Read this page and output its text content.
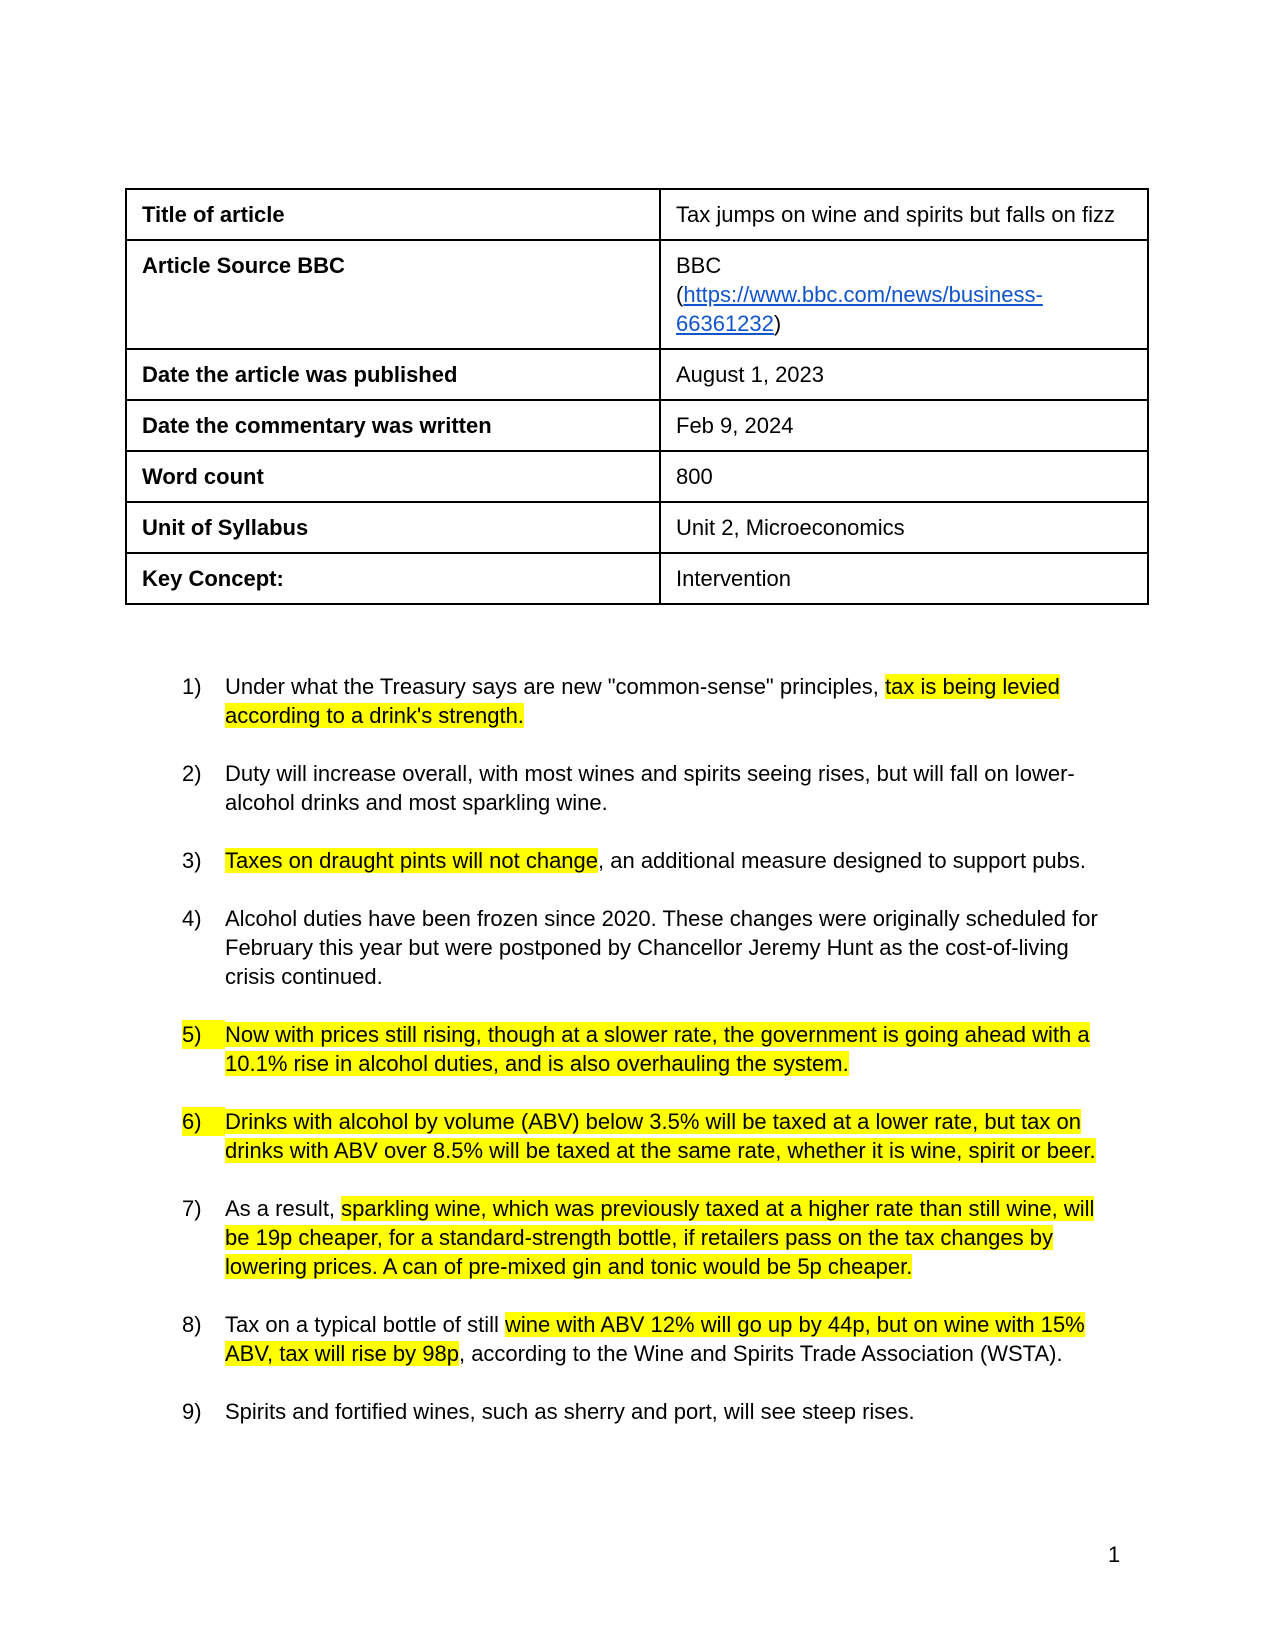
Title of article	Tax jumps on wine and spirits but falls on fizz
Article Source BBC	BBC
(https://www.bbc.com/news/business-66361232)
Date the article was published	August 1, 2023
Date the commentary was written	Feb 9, 2024
Word count	800
Unit of Syllabus	Unit 2, Microeconomics
Key Concept:	Intervention
1)	Under what the Treasury says are new "common-sense" principles, tax is being levied according to a drink's strength.
2)	Duty will increase overall, with most wines and spirits seeing rises, but will fall on lower-alcohol drinks and most sparkling wine.
3)	Taxes on draught pints will not change, an additional measure designed to support pubs.
4)	Alcohol duties have been frozen since 2020. These changes were originally scheduled for February this year but were postponed by Chancellor Jeremy Hunt as the cost-of-living crisis continued.
5)	Now with prices still rising, though at a slower rate, the government is going ahead with a 10.1% rise in alcohol duties, and is also overhauling the system.
6)	Drinks with alcohol by volume (ABV) below 3.5% will be taxed at a lower rate, but tax on drinks with ABV over 8.5% will be taxed at the same rate, whether it is wine, spirit or beer.
7)	As a result, sparkling wine, which was previously taxed at a higher rate than still wine, will be 19p cheaper, for a standard-strength bottle, if retailers pass on the tax changes by lowering prices. A can of pre-mixed gin and tonic would be 5p cheaper.
8)	Tax on a typical bottle of still wine with ABV 12% will go up by 44p, but on wine with 15% ABV, tax will rise by 98p, according to the Wine and Spirits Trade Association (WSTA).
9)	Spirits and fortified wines, such as sherry and port, will see steep rises.
1
